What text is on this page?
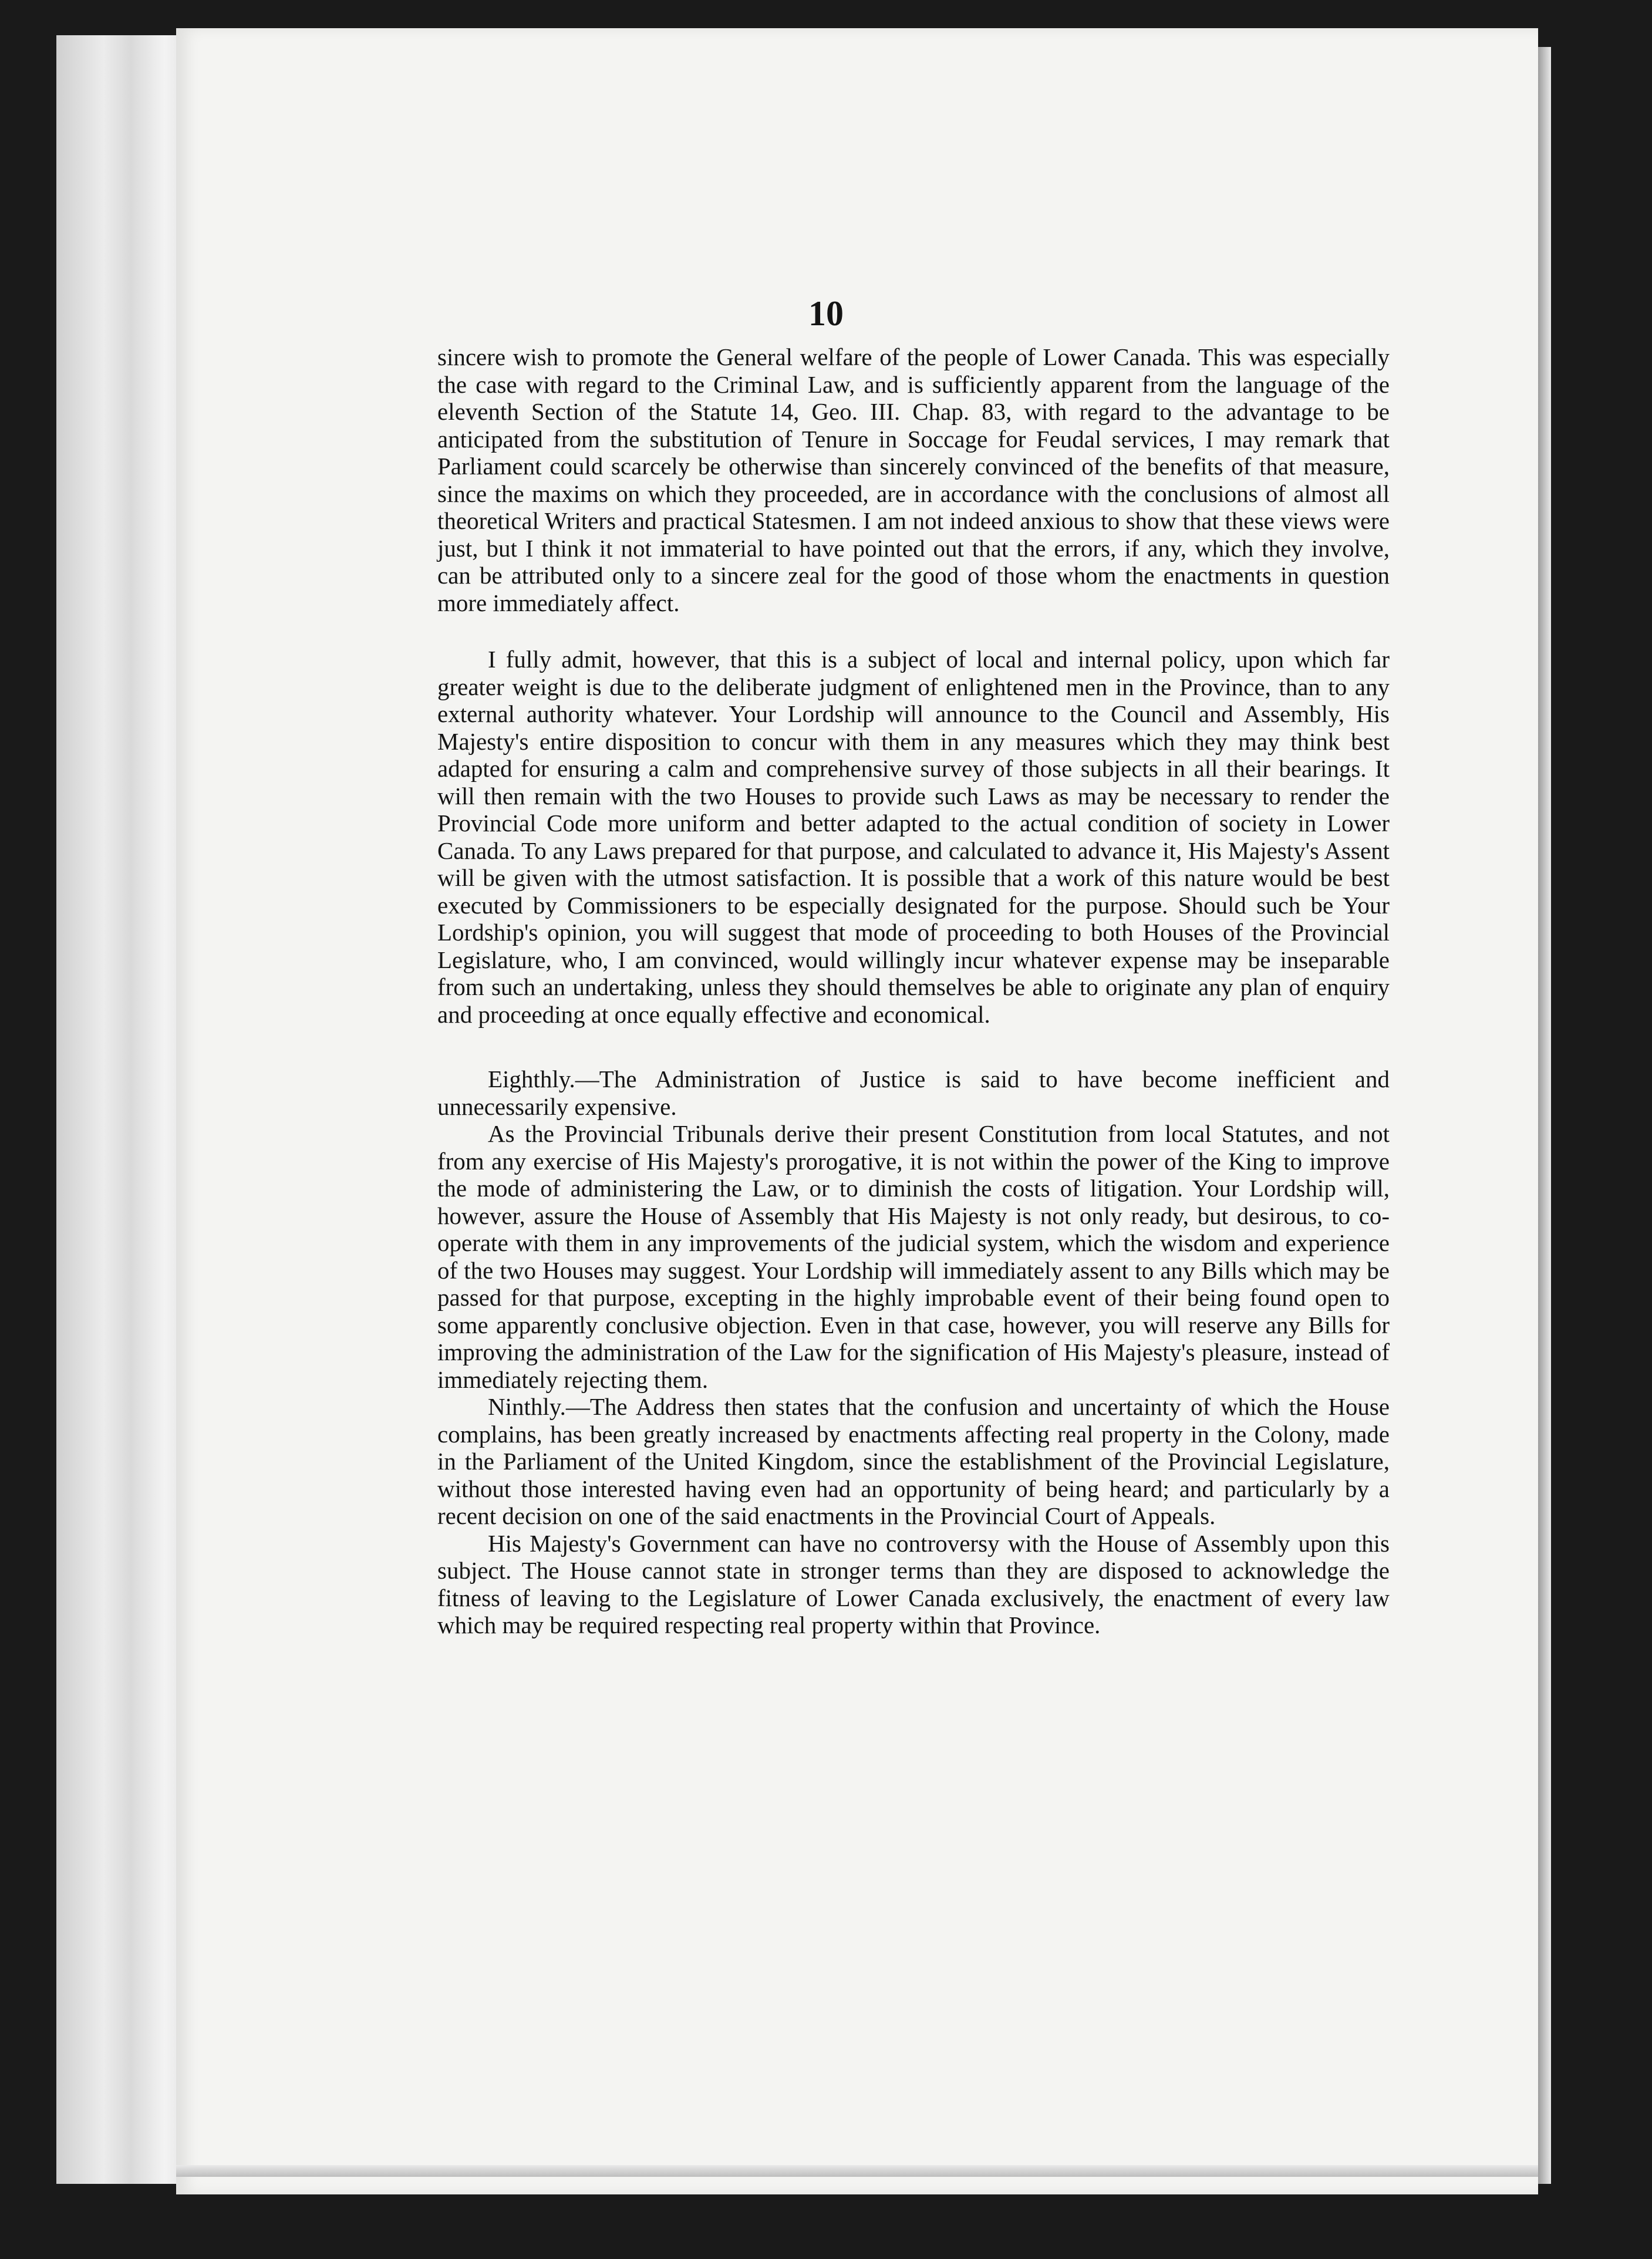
10

sincere wish to promote the General welfare of the people of Lower Canada. This was especially the case with regard to the Criminal Law, and is sufficiently apparent from the language of the eleventh Section of the Statute 14, Geo. III. Chap. 83, with regard to the advantage to be anticipated from the substitution of Tenure in Soccage for Feudal services, I may remark that Parliament could scarcely be otherwise than sincerely convinced of the benefits of that measure, since the maxims on which they proceeded, are in accordance with the conclusions of almost all theoretical Writers and practical Statesmen. I am not indeed anxious to show that these views were just, but I think it not immaterial to have pointed out that the errors, if any, which they involve, can be attributed only to a sincere zeal for the good of those whom the enactments in question more immediately affect.

I fully admit, however, that this is a subject of local and internal policy, upon which far greater weight is due to the deliberate judgment of enlightened men in the Province, than to any external authority whatever. Your Lordship will announce to the Council and Assembly, His Majesty's entire disposition to concur with them in any measures which they may think best adapted for ensuring a calm and comprehensive survey of those subjects in all their bearings. It will then remain with the two Houses to provide such Laws as may be necessary to render the Provincial Code more uniform and better adapted to the actual condition of society in Lower Canada. To any Laws prepared for that purpose, and calculated to advance it, His Majesty's Assent will be given with the utmost satisfaction. It is possible that a work of this nature would be best executed by Commissioners to be especially designated for the purpose. Should such be Your Lordship's opinion, you will suggest that mode of proceeding to both Houses of the Provincial Legislature, who, I am convinced, would willingly incur whatever expense may be inseparable from such an undertaking, unless they should themselves be able to originate any plan of enquiry and proceeding at once equally effective and economical.

Eighthly.—The Administration of Justice is said to have become inefficient and unnecessarily expensive.

As the Provincial Tribunals derive their present Constitution from local Statutes, and not from any exercise of His Majesty's prorogative, it is not within the power of the King to improve the mode of administering the Law, or to diminish the costs of litigation. Your Lordship will, however, assure the House of Assembly that His Majesty is not only ready, but desirous, to co-operate with them in any improvements of the judicial system, which the wisdom and experience of the two Houses may suggest. Your Lordship will immediately assent to any Bills which may be passed for that purpose, excepting in the highly improbable event of their being found open to some apparently conclusive objection. Even in that case, however, you will reserve any Bills for improving the administration of the Law for the signification of His Majesty's pleasure, instead of immediately rejecting them.

Ninthly.—The Address then states that the confusion and uncertainty of which the House complains, has been greatly increased by enactments affecting real property in the Colony, made in the Parliament of the United Kingdom, since the establishment of the Provincial Legislature, without those interested having even had an opportunity of being heard; and particularly by a recent decision on one of the said enactments in the Provincial Court of Appeals.

His Majesty's Government can have no controversy with the House of Assembly upon this subject. The House cannot state in stronger terms than they are disposed to acknowledge the fitness of leaving to the Legislature of Lower Canada exclusively, the enactment of every law which may be required respecting real property within that Province.
